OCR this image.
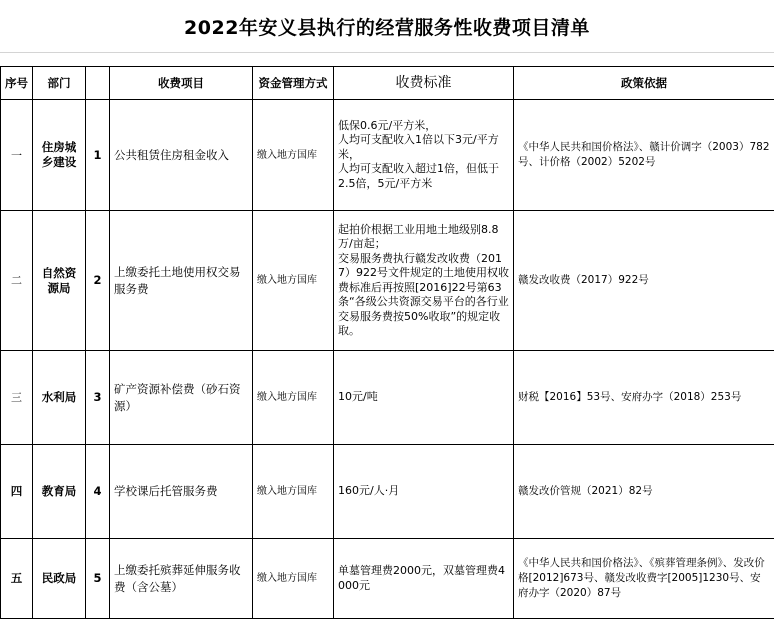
2022年安义县执行的经营服务性收费项目清单
序号	部门		收费项目	资金管理方式	收费标准	政策依据
一	住房城乡建设	1	公共租赁住房租金收入	缴入地方国库	低保0.6元/平方米，
人均可支配收入1倍以下3元/平方米，
人均可支配收入超过1倍，但低于2.5倍，5元/平方米	《中华人民共和国价格法》、赣计价调字（2003）782号、计价格（2002）5202号
二	自然资源局	2	上缴委托土地使用权交易服务费	缴入地方国库	起拍价根据工业用地土地级别8.8万/亩起；
交易服务费执行赣发改收费（2017）922号文件规定的土地使用权收费标准后再按照[2016]22号第63条“各级公共资源交易平台的各行业交易服务费按50%收取”的规定收取。	赣发改收费（2017）922号
三	水利局	3	矿产资源补偿费（砂石资源）	缴入地方国库	10元/吨	财税【2016】53号、安府办字（2018）253号
四	教育局	4	学校课后托管服务费	缴入地方国库	160元/人·月	赣发改价管规（2021）82号
五	民政局	5	上缴委托殡葬延伸服务收费（含公墓）	缴入地方国库	单墓管理费2000元，双墓管理费4000元	《中华人民共和国价格法》、《殡葬管理条例》、发改价格[2012]673号、赣发改收费字[2005]1230号、安府办字（2020）87号
